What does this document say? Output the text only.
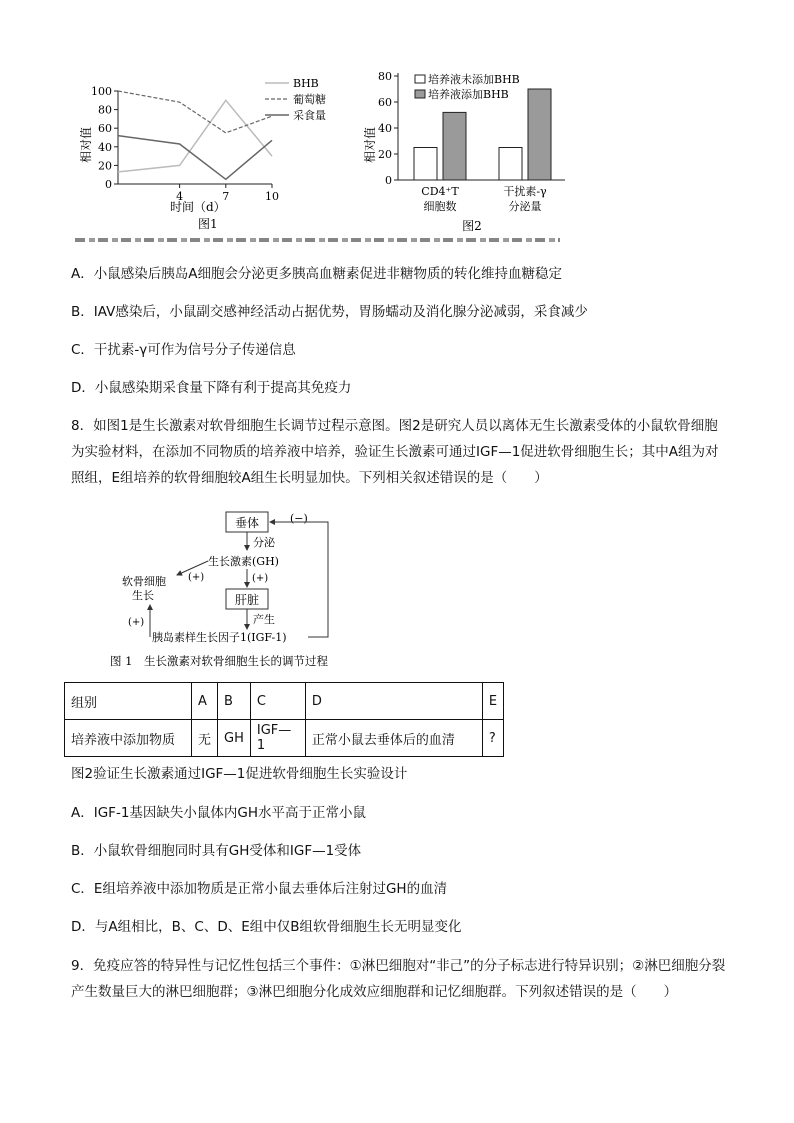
100
80
60
40
20
0
4	7	10
BHB
葡萄糖
采食量
相对值
时间（d）
图1
培养液未添加BHB
培养液添加BHB
80
60
40
20
0
相对值
CD4⁺T
细胞数
干扰素-γ
分泌量
图2
A．小鼠感染后胰岛A细胞会分泌更多胰高血糖素促进非糖物质的转化维持血糖稳定
B．IAV感染后，小鼠副交感神经活动占据优势，胃肠蠕动及消化腺分泌减弱，采食减少
C．干扰素-γ可作为信号分子传递信息
D．小鼠感染期采食量下降有利于提高其免疫力
8．如图1是生长激素对软骨细胞生长调节过程示意图。图2是研究人员以离体无生长激素受体的小鼠软骨细胞为实验材料，在添加不同物质的培养液中培养，验证生长激素可通过IGF—1促进软骨细胞生长；其中A组为对照组，E组培养的软骨细胞较A组生长明显加快。下列相关叙述错误的是（　　）
垂体	(−)
分泌
生长激素(GH)
(+)
肝脏
产生
胰岛素样生长因子1(IGF-1)
(+)
软骨细胞
生长
(+)
图 1　生长激素对软骨细胞生长的调节过程
组别	A	B	C	D	E
培养液中添加物质	无	GH	IGF—1	正常小鼠去垂体后的血清	?
图2验证生长激素通过IGF—1促进软骨细胞生长实验设计
A．IGF-1基因缺失小鼠体内GH水平高于正常小鼠
B．小鼠软骨细胞同时具有GH受体和IGF—1受体
C．E组培养液中添加物质是正常小鼠去垂体后注射过GH的血清
D．与A组相比，B、C、D、E组中仅B组软骨细胞生长无明显变化
9．免疫应答的特异性与记忆性包括三个事件：①淋巴细胞对“非己”的分子标志进行特异识别；②淋巴细胞分裂产生数量巨大的淋巴细胞群；③淋巴细胞分化成效应细胞群和记忆细胞群。下列叙述错误的是（　　）
